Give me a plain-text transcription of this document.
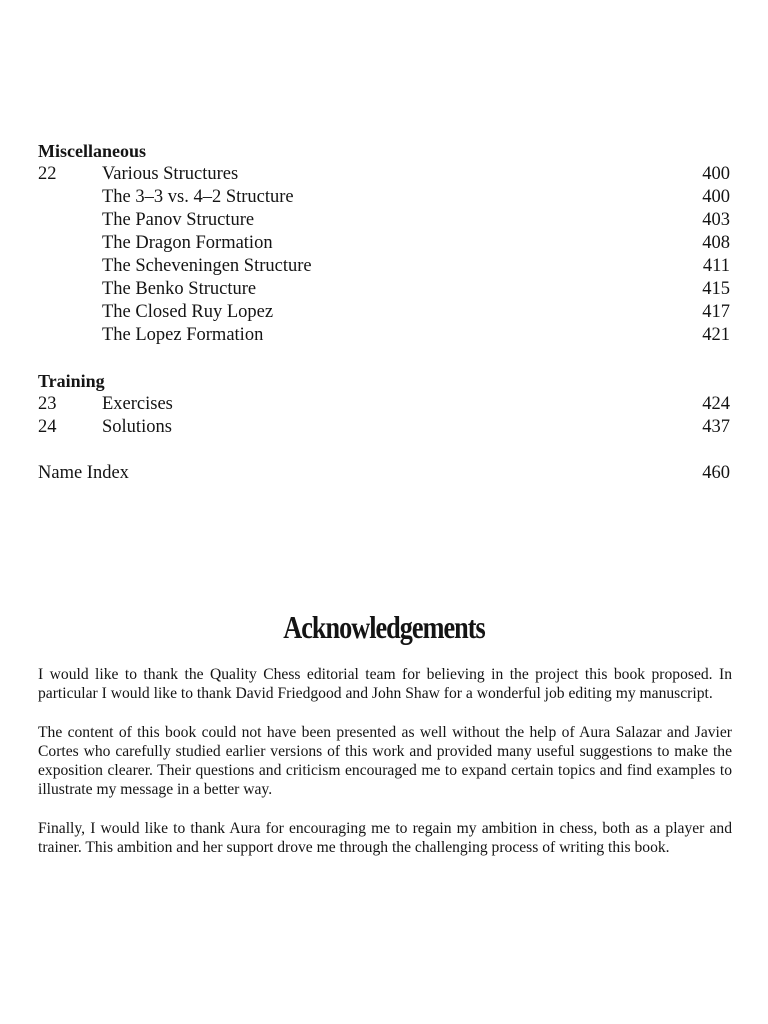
Miscellaneous
22 Various Structures	400
The 3–3 vs. 4–2 Structure	400
The Panov Structure	403
The Dragon Formation	408
The Scheveningen Structure	411
The Benko Structure	415
The Closed Ruy Lopez	417
The Lopez Formation	421
Training
23 Exercises	424
24 Solutions	437
Name Index	460
Acknowledgements

I would like to thank the Quality Chess editorial team for believing in the project this book proposed. In particular I would like to thank David Friedgood and John Shaw for a wonderful job editing my manuscript.

The content of this book could not have been presented as well without the help of Aura Salazar and Javier Cortes who carefully studied earlier versions of this work and provided many useful suggestions to make the exposition clearer. Their questions and criticism encouraged me to expand certain topics and find examples to illustrate my message in a better way.

Finally, I would like to thank Aura for encouraging me to regain my ambition in chess, both as a player and trainer. This ambition and her support drove me through the challenging process of writing this book.
